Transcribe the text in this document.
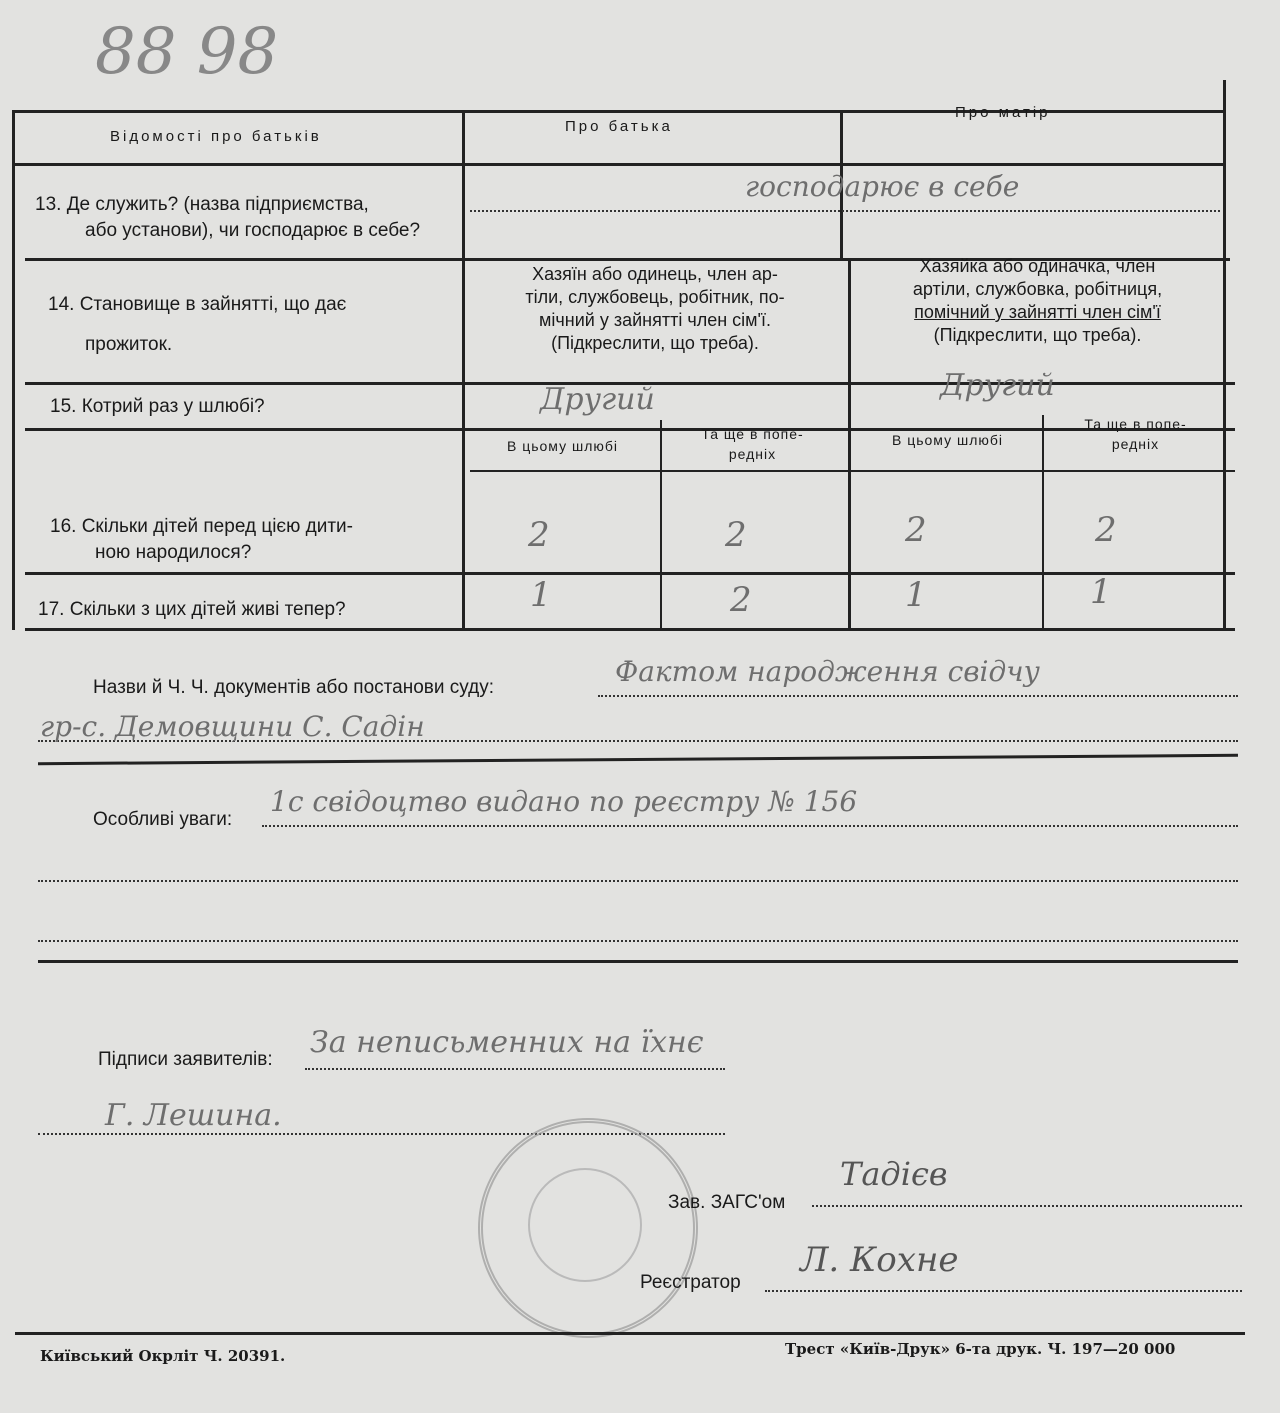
88 98
Відомості про батьків
Про батька
Про матір
13. Де служить? (назва підприємства,
або установи), чи господарює в себе?
господарює в себе
14. Становище в зайнятті, що дає
прожиток.
Хазяїн або одинець, член ар-
тіли, службовець, робітник, по-
мічний у зайнятті член сім'ї.
(Підкреслити, що треба).
Хазяйка або одиначка, член
артіли, службовка, робітниця,
помічний у зайнятті член сім'ї
(Підкреслити, що треба).
15. Котрий раз у шлюбі?	Другий	Другий
В цьому шлюбі
Та ще в попе-
редніх
В цьому шлюбі
Та ще в попе-
редніх
16. Скільки дітей перед цією дити-
ною народилося?	2	2	2	2
17. Скільки з цих дітей живі тепер?	1	2	1	1
Назви й Ч. Ч. документів або постанови суду:	Фактом народження свідчу
гр-с. Демовщини С. Садін
Особливі уваги:
1с свідоцтво видано по реєстру № 156
Підписи заявителів: За неписьменних на їхнє
Г. Лешина.
Зав. ЗАГС'ом
Тадієв
Реєстратор
Л. Кохне
Київський Окрліт Ч. 20391.	Трест «Київ-Друк» 6-та друк. Ч. 197—20 000
